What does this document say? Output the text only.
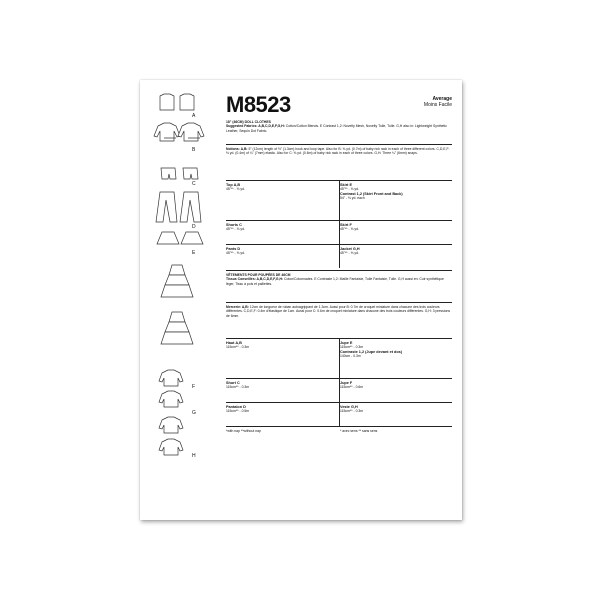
A
B
C
D
E
F
G
H
M8523	Average
Moins Facile
18" (46CM) DOLL CLOTHES
Suggested Fabrics: A,B,C,D,E,F,G,H: Cotton/Cotton Blends. E Contrast 1,2: Novelty Mesh, Novelty Tulle, Tulle. G,H also in: Lightweight Synthetic Leather, Sequin Dot Fabric.
Notions: A,B: 5" (12cm) length of ½" (1.3cm) hook and loop tape. Also for B: ⅜ yd. (0.7m) of baby rick rack in each of three different colors. C,D,E,F: ⅜ yd. (0.4m) of ¼" (7mm) elastic. Also for C: ⅜ yd. (0.6m) of baby rick rack in each of three colors. G,H: Three ¼" (6mm) snaps.
Top A,B
45"** - ⅜ yd.
Skirt E
45"** - ⅜ yd.
Contrast 1,2 (Skirt Front and Back)
54" - ⅜ yd. each
Shorts C
45"** - ⅜ yd.
Skirt F
45"** - ⅜ yd.
Pants D
45"** - ⅜ yd.
Jacket G,H
45"** - ⅜ yd.
VÊTEMENTS POUR POUPÉES DE 46CM
Tissus Conseillés: A,B,C,D,E,F,G,H: Coton/Cotonnades. E Contraste 1,2: Maille Fantaisie, Tulle Fantaisie, Tulle. G,H aussi en: Cuir synthétique léger, Tissu à pois et paillettes.
Mercerie: A,B: 12cm de longueur de ruban autoagrippant de 1.3cm. Aussi pour B: 0.7m de croquet miniature dans chacune des trois couleurs différentes. C,D,E,F: 0.4m d'élastique de 1cm. Aussi pour C: 0.6m de croquet miniature dans chacune des trois couleurs différentes. G,H: 3 pressions de 6mm.
Haut A,B
115cm** - 0.3m
Jupe E
115cm** - 0.3m
Contraste 1,2 (Jupe devant et dos)
140cm - 0.3m
Short C
115cm** - 0.3m
Jupe F
115cm** - 0.6m
Pantalon D
115cm** - 0.5m
Veste G,H
115cm** - 0.3m
*with nap **without nap	* avec sens ** sans sens
